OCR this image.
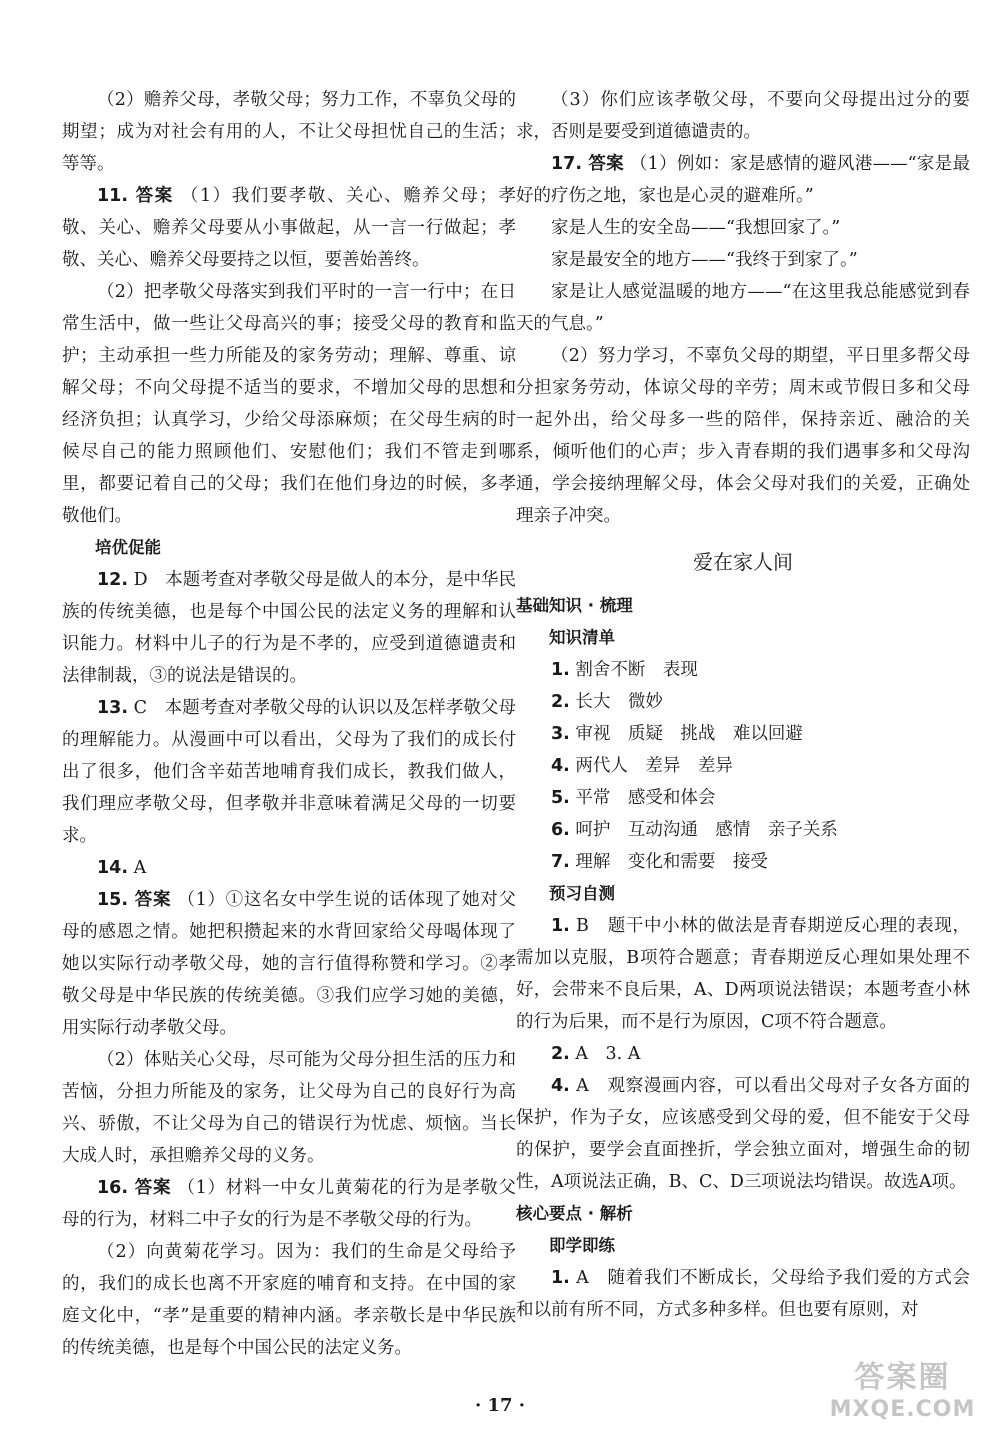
（2）赡养父母，孝敬父母；努力工作，不辜负父母的期望；成为对社会有用的人，不让父母担忧自己的生活；等等。

11. 答案 （1）我们要孝敬、关心、赡养父母；孝敬、关心、赡养父母要从小事做起，从一言一行做起；孝敬、关心、赡养父母要持之以恒，要善始善终。

（2）把孝敬父母落实到我们平时的一言一行中；在日常生活中，做一些让父母高兴的事；接受父母的教育和监护；主动承担一些力所能及的家务劳动；理解、尊重、谅解父母；不向父母提不适当的要求，不增加父母的思想和经济负担；认真学习，少给父母添麻烦；在父母生病的时候尽自己的能力照顾他们、安慰他们；我们不管走到哪里，都要记着自己的父母；我们在他们身边的时候，多孝敬他们。

培优促能

12. D　本题考查对孝敬父母是做人的本分，是中华民族的传统美德，也是每个中国公民的法定义务的理解和认识能力。材料中儿子的行为是不孝的，应受到道德谴责和法律制裁，③的说法是错误的。

13. C　本题考查对孝敬父母的认识以及怎样孝敬父母的理解能力。从漫画中可以看出，父母为了我们的成长付出了很多，他们含辛茹苦地哺育我们成长，教我们做人，我们理应孝敬父母，但孝敬并非意味着满足父母的一切要求。

14. A

15. 答案 （1）①这名女中学生说的话体现了她对父母的感恩之情。她把积攒起来的水背回家给父母喝体现了她以实际行动孝敬父母，她的言行值得称赞和学习。②孝敬父母是中华民族的传统美德。③我们应学习她的美德，用实际行动孝敬父母。

（2）体贴关心父母，尽可能为父母分担生活的压力和苦恼，分担力所能及的家务，让父母为自己的良好行为高兴、骄傲，不让父母为自己的错误行为忧虑、烦恼。当长大成人时，承担赡养父母的义务。

16. 答案 （1）材料一中女儿黄菊花的行为是孝敬父母的行为，材料二中子女的行为是不孝敬父母的行为。

（2）向黄菊花学习。因为：我们的生命是父母给予的，我们的成长也离不开家庭的哺育和支持。在中国的家庭文化中，“孝”是重要的精神内涵。孝亲敬长是中华民族的传统美德，也是每个中国公民的法定义务。

（3）你们应该孝敬父母，不要向父母提出过分的要求，否则是要受到道德谴责的。

17. 答案 （1）例如：家是感情的避风港——“家是最好的疗伤之地，家也是心灵的避难所。”

家是人生的安全岛——“我想回家了。”

家是最安全的地方——“我终于到家了。”

家是让人感觉温暖的地方——“在这里我总能感觉到春天的气息。”

（2）努力学习，不辜负父母的期望，平日里多帮父母分担家务劳动，体谅父母的辛劳；周末或节假日多和父母一起外出，给父母多一些的陪伴，保持亲近、融洽的关系，倾听他们的心声；步入青春期的我们遇事多和父母沟通，学会接纳理解父母，体会父母对我们的关爱，正确处理亲子冲突。

爱在家人间

基础知识 · 梳理

知识清单

1. 割舍不断　表现

2. 长大　微妙

3. 审视　质疑　挑战　难以回避

4. 两代人　差异　差异

5. 平常　感受和体会

6. 呵护　互动沟通　感情　亲子关系

7. 理解　变化和需要　接受

预习自测

1. B　题干中小林的做法是青春期逆反心理的表现，需加以克服，B项符合题意；青春期逆反心理如果处理不好，会带来不良后果，A、D两项说法错误；本题考查小林的行为后果，而不是行为原因，C项不符合题意。

2. A　3. A

4. A　观察漫画内容，可以看出父母对子女各方面的保护，作为子女，应该感受到父母的爱，但不能安于父母的保护，要学会直面挫折，学会独立面对，增强生命的韧性，A项说法正确，B、C、D三项说法均错误。故选A项。

核心要点 · 解析

即学即练

1. A　随着我们不断成长，父母给予我们爱的方式会和以前有所不同，方式多种多样。但也要有原则，对

· 17 ·
答案圈
MXQE.COM
